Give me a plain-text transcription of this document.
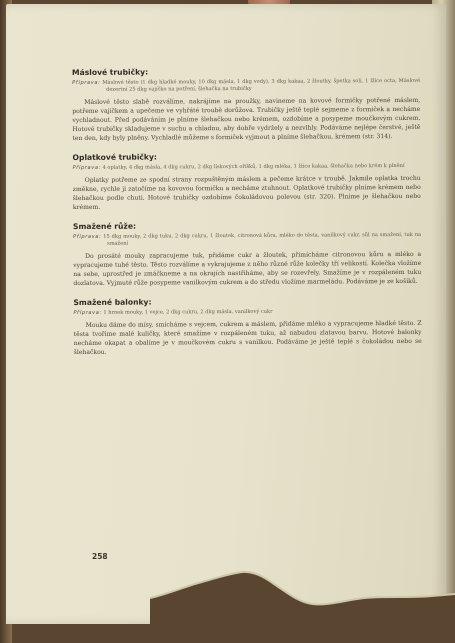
Máslové trubičky:

Příprava: Máslové těsto (1 dkg hladké mouky, 10 dkg másla, 1 dkg vody), 3 dkg kakaa, 2 žloutky, špetka soli, 1 lžíce octa, Máslové dezertní 25 dkg vajíčko na potření, šlehačka na trubičky

Máslové těsto slabě rozválíme, nakrájíme na proužky, navineme na kovové formičky potřené máslem, potřeme vajíčkem a upečeme ve vyhřáté troubě dorůžova. Trubičky ještě teplé sejmeme z formiček a necháme vychladnout. Před podáváním je plníme šlehačkou nebo krémem, ozdobíme a posypeme moučkovým cukrem. Hotové trubičky skladujeme v suchu a chladnu, aby dobře vydržely a nezvlhly. Podáváme nejlépe čerstvé, ještě ten den, kdy byly plněny. Vychladlé můžeme s formiček vyjmout a plníme šlehačkou, krémem (str. 314).

Oplatkové trubičky:

Příprava: 4 oplatky, 4 dkg másla, 4 dkg cukru, 2 dkg lískových oříšků, 1 dkg mléka, 1 lžíce kakaa, šlehačka nebo krém k plnění

Oplatky potřeme ze spodní strany rozpuštěným máslem a pečeme krátce v troubě. Jakmile oplatka trochu změkne, rychle ji zatočíme na kovovou formičku a necháme ztuhnout. Oplatkové trubičky plníme krémem nebo šlehačkou podle chuti. Hotové trubičky ozdobíme čokoládovou polevou (str. 320). Plníme je šlehačkou nebo krémem.

Smažené růže:

Příprava: 15 dkg mouky, 2 dkg tuku, 2 dkg cukru, 1 žloutek, citronová kůra, mléko do těsta, vanilkový cukr, sůl na smažení, tuk na smažení

Do prosáté mouky zapracujeme tuk, přidáme cukr a žloutek, přimícháme citronovou kůru a mléko a vypracujeme tuhé těsto. Těsto rozválíme a vykrajujeme z něho různé růže kolečky tří velikostí. Kolečka vložíme na sebe, uprostřed je zmáčkneme a na okrajích nastřiháme, aby se rozevřely. Smažíme je v rozpáleném tuku dozlatova. Vyjmuté růže posypeme vanilkovým cukrem a do středu vložíme marmeládu. Podáváme je ze košíků.

Smažené balonky:

Příprava: 1 hrnek mouky, 1 vejce, 2 dkg cukru, 2 dkg másla, vanilkový cukr

Mouku dáme do mísy, smícháme s vejcem, cukrem a máslem, přidáme mléko a vypracujeme hladké těsto. Z těsta tvoříme malé kuličky, které smažíme v rozpáleném tuku, až nabudou zlatavou barvu. Hotové balonky necháme okapat a obalíme je v moučkovém cukru s vanilkou. Podáváme je ještě teplé s čokoládou nebo se šlehačkou.

258
